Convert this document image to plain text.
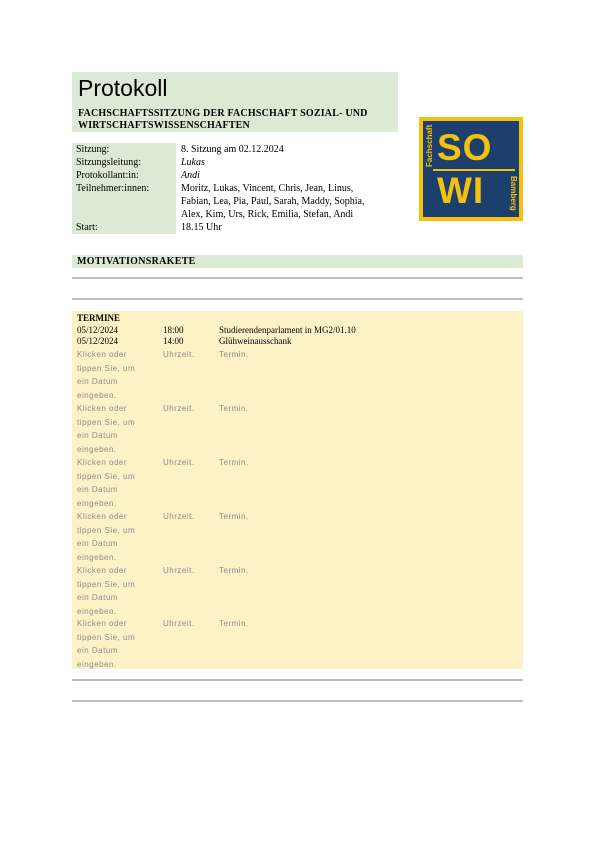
Protokoll
FACHSCHAFTSSITZUNG DER FACHSCHAFT SOZIAL- UND
WIRTSCHAFTSWISSENSCHAFTEN
Sitzung:	8. Sitzung am 02.12.2024
Sitzungsleitung:	Lukas
Protokollant:in:	Andi
Teilnehmer:innen:

	Moritz, Lukas, Vincent, Chris, Jean, Linus,
Fabian, Lea, Pia, Paul, Sarah, Maddy, Sophia,
Alex, Kim, Urs, Rick, Emilia, Stefan, Andi
Start:	18.15 Uhr
Fachschaft
Bamberg
SO
WI
MOTIVATIONSRAKETE
TERMINE
05/12/2024	18:00	Studierendenparlament in MG2/01.10
05/12/2024	14:00	Glühweinausschank
Klicken oder
tippen Sie, um
ein Datum
eingeben.
Uhrzeit.	Termin.
Klicken oder
tippen Sie, um
ein Datum
eingeben.
Uhrzeit.	Termin.
Klicken oder
tippen Sie, um
ein Datum
eingeben.
Uhrzeit.	Termin.
Klicken oder
tippen Sie, um
ein Datum
eingeben.
Uhrzeit.	Termin.
Klicken oder
tippen Sie, um
ein Datum
eingeben.
Uhrzeit.	Termin.
Klicken oder
tippen Sie, um
ein Datum
eingeben.
Uhrzeit.	Termin.
